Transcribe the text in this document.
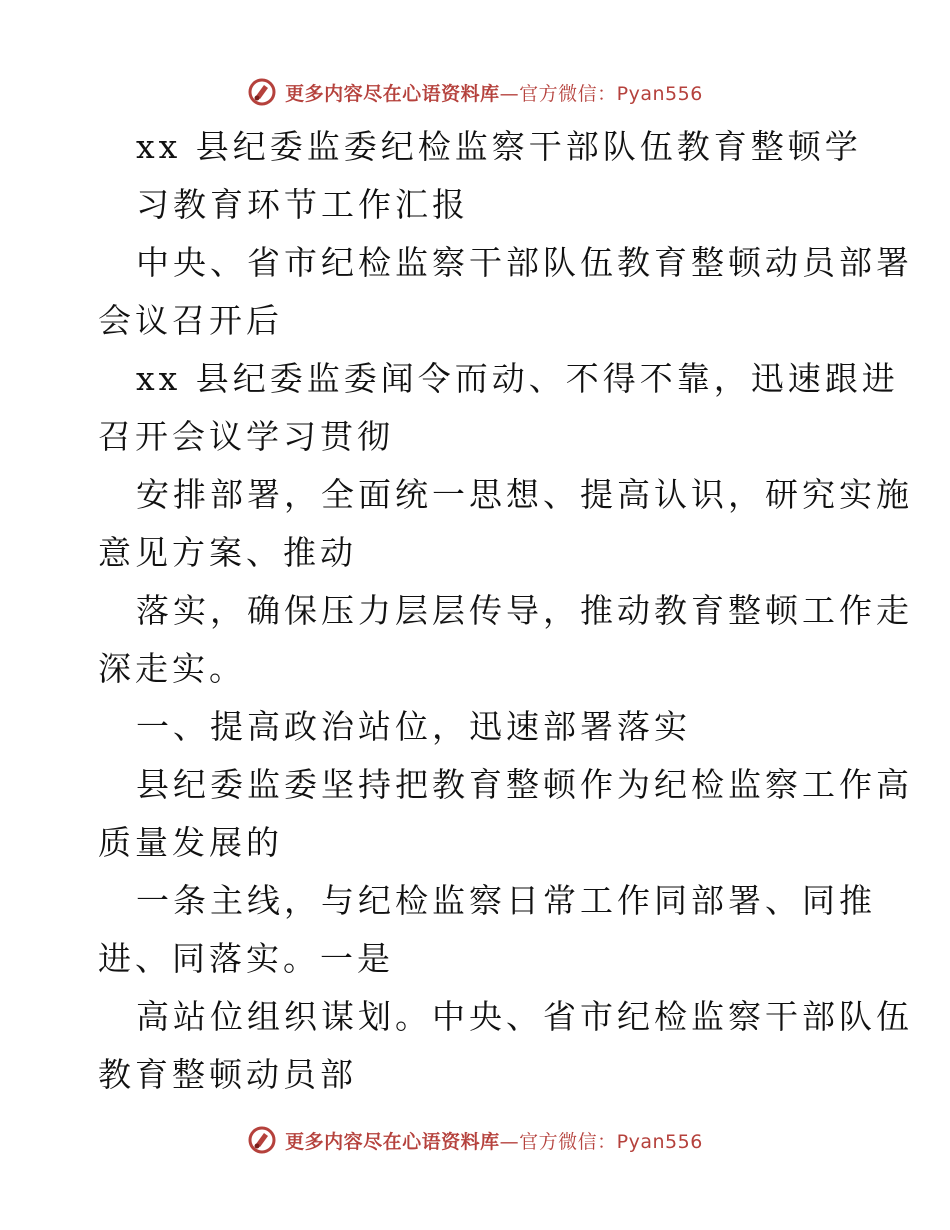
更多内容尽在心语资料库—官方微信：Pyan556
xx 县纪委监委纪检监察干部队伍教育整顿学
习教育环节工作汇报
中央、省市纪检监察干部队伍教育整顿动员部署
会议召开后
xx 县纪委监委闻令而动、不得不靠，迅速跟进
召开会议学习贯彻
安排部署，全面统一思想、提高认识，研究实施
意见方案、推动
落实，确保压力层层传导，推动教育整顿工作走
深走实。
一、提高政治站位，迅速部署落实
县纪委监委坚持把教育整顿作为纪检监察工作高
质量发展的
一条主线，与纪检监察日常工作同部署、同推
进、同落实。一是
高站位组织谋划。中央、省市纪检监察干部队伍
教育整顿动员部
更多内容尽在心语资料库—官方微信：Pyan556
